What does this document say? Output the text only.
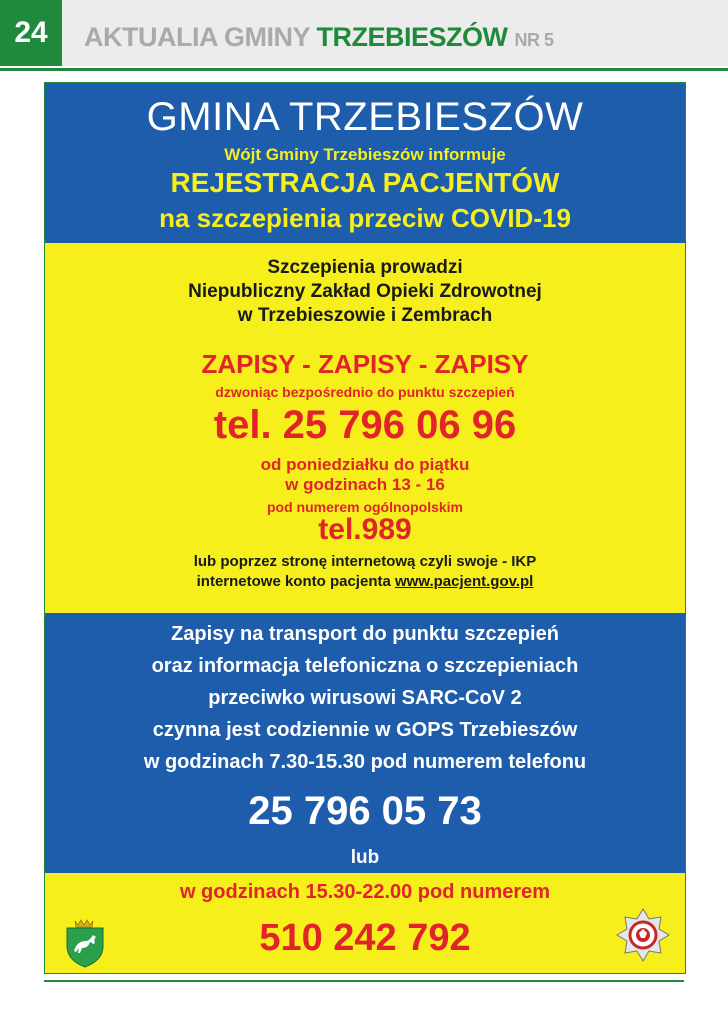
24	AKTUALIA GMINY TRZEBIESZÓW NR 5
GMINA TRZEBIESZÓW
Wójt Gminy Trzebieszów informuje
REJESTRACJA PACJENTÓW
na szczepienia przeciw COVID-19
Szczepienia prowadzi
Niepubliczny Zakład Opieki Zdrowotnej
w Trzebieszowie i Zembrach
ZAPISY - ZAPISY - ZAPISY
dzwoniąc bezpośrednio do punktu szczepień
tel. 25 796 06 96
od poniedziałku do piątku
w godzinach 13 - 16
pod numerem ogólnopolskim
tel.989
lub poprzez stronę internetową czyli swoje - IKP
internetowe konto pacjenta www.pacjent.gov.pl
Zapisy na transport do punktu szczepień
oraz informacja telefoniczna o szczepieniach
przeciwko wirusowi SARC-CoV 2
czynna jest codziennie w GOPS Trzebieszów
w godzinach 7.30-15.30 pod numerem telefonu
25 796 05 73
lub
w godzinach 15.30-22.00 pod numerem
510 242 792
